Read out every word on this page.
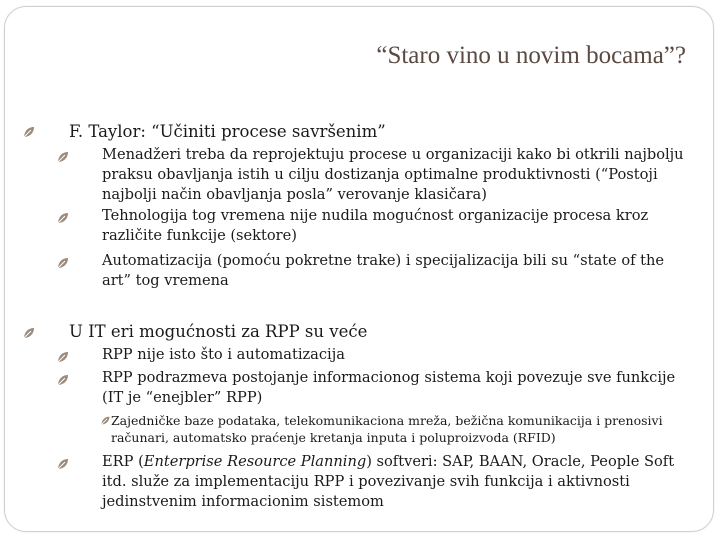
“Staro vino u novim bocama”?
F. Taylor: “Učiniti procese savršenim”
Menadžeri treba da reprojektuju procese u organizaciji kako bi otkrili najbolju praksu obavljanja istih u cilju dostizanja optimalne produktivnosti (“Postoji najbolji način obavljanja posla” verovanje klasičara)
Tehnologija tog vremena nije nudila mogućnost organizacije procesa kroz različite funkcije (sektore)
Automatizacija (pomoću pokretne trake) i specijalizacija bili su “state of the art” tog vremena
U IT eri mogućnosti za RPP su veće
RPP nije isto što i automatizacija
RPP podrazmeva postojanje informacionog sistema koji povezuje sve funkcije (IT je “enejbler” RPP)
Zajedničke baze podataka, telekomunikaciona mreža, bežična komunikacija i prenosivi računari, automatsko praćenje kretanja inputa i poluproizvoda (RFID)
ERP (Enterprise Resource Planning) softveri: SAP, BAAN, Oracle, People Soft itd. služe za implementaciju RPP i povezivanje svih funkcija i aktivnosti jedinstvenim informacionim sistemom
